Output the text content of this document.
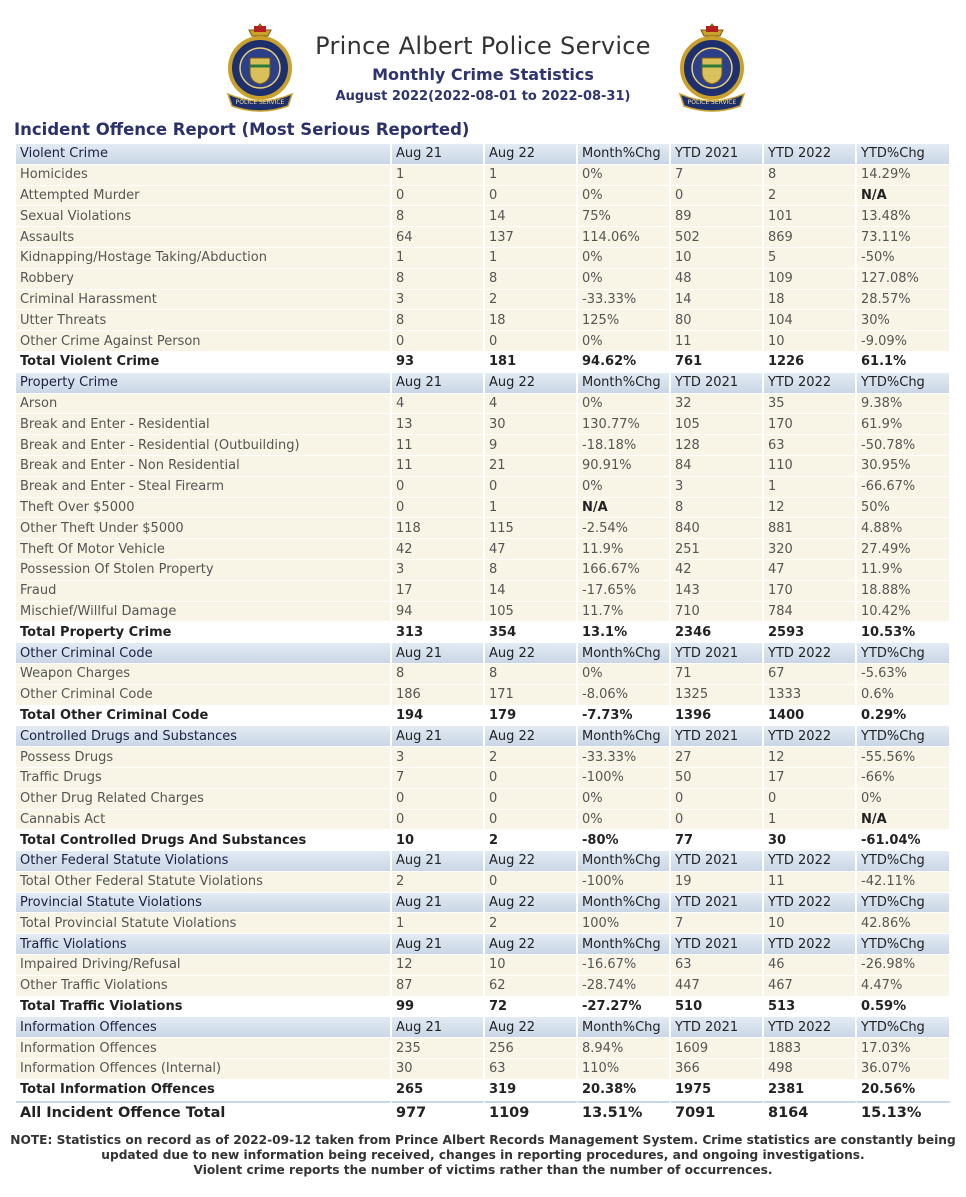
POLICE SERVICE
Prince Albert Police Service
Monthly Crime Statistics
August 2022(2022-08-01 to 2022-08-31)	POLICE SERVICE
Incident Offence Report (Most Serious Reported)
Violent Crime	Aug 21	Aug 22	Month%Chg	YTD 2021	YTD 2022	YTD%Chg
Homicides	1	1	0%	7	8	14.29%
Attempted Murder	0	0	0%	0	2	N/A
Sexual Violations	8	14	75%	89	101	13.48%
Assaults	64	137	114.06%	502	869	73.11%
Kidnapping/Hostage Taking/Abduction	1	1	0%	10	5	-50%
Robbery	8	8	0%	48	109	127.08%
Criminal Harassment	3	2	-33.33%	14	18	28.57%
Utter Threats	8	18	125%	80	104	30%
Other Crime Against Person	0	0	0%	11	10	-9.09%
Total Violent Crime	93	181	94.62%	761	1226	61.1%
Property Crime	Aug 21	Aug 22	Month%Chg	YTD 2021	YTD 2022	YTD%Chg
Arson	4	4	0%	32	35	9.38%
Break and Enter - Residential	13	30	130.77%	105	170	61.9%
Break and Enter - Residential (Outbuilding)	11	9	-18.18%	128	63	-50.78%
Break and Enter - Non Residential	11	21	90.91%	84	110	30.95%
Break and Enter - Steal Firearm	0	0	0%	3	1	-66.67%
Theft Over $5000	0	1	N/A	8	12	50%
Other Theft Under $5000	118	115	-2.54%	840	881	4.88%
Theft Of Motor Vehicle	42	47	11.9%	251	320	27.49%
Possession Of Stolen Property	3	8	166.67%	42	47	11.9%
Fraud	17	14	-17.65%	143	170	18.88%
Mischief/Willful Damage	94	105	11.7%	710	784	10.42%
Total Property Crime	313	354	13.1%	2346	2593	10.53%
Other Criminal Code	Aug 21	Aug 22	Month%Chg	YTD 2021	YTD 2022	YTD%Chg
Weapon Charges	8	8	0%	71	67	-5.63%
Other Criminal Code	186	171	-8.06%	1325	1333	0.6%
Total Other Criminal Code	194	179	-7.73%	1396	1400	0.29%
Controlled Drugs and Substances	Aug 21	Aug 22	Month%Chg	YTD 2021	YTD 2022	YTD%Chg
Possess Drugs	3	2	-33.33%	27	12	-55.56%
Traffic Drugs	7	0	-100%	50	17	-66%
Other Drug Related Charges	0	0	0%	0	0	0%
Cannabis Act	0	0	0%	0	1	N/A
Total Controlled Drugs And Substances	10	2	-80%	77	30	-61.04%
Other Federal Statute Violations	Aug 21	Aug 22	Month%Chg	YTD 2021	YTD 2022	YTD%Chg
Total Other Federal Statute Violations	2	0	-100%	19	11	-42.11%
Provincial Statute Violations	Aug 21	Aug 22	Month%Chg	YTD 2021	YTD 2022	YTD%Chg
Total Provincial Statute Violations	1	2	100%	7	10	42.86%
Traffic Violations	Aug 21	Aug 22	Month%Chg	YTD 2021	YTD 2022	YTD%Chg
Impaired Driving/Refusal	12	10	-16.67%	63	46	-26.98%
Other Traffic Violations	87	62	-28.74%	447	467	4.47%
Total Traffic Violations	99	72	-27.27%	510	513	0.59%
Information Offences	Aug 21	Aug 22	Month%Chg	YTD 2021	YTD 2022	YTD%Chg
Information Offences	235	256	8.94%	1609	1883	17.03%
Information Offences (Internal)	30	63	110%	366	498	36.07%
Total Information Offences	265	319	20.38%	1975	2381	20.56%
All Incident Offence Total	977	1109	13.51%	7091	8164	15.13%
NOTE: Statistics on record as of 2022-09-12 taken from Prince Albert Records Management System. Crime statistics are constantly being
updated due to new information being received, changes in reporting procedures, and ongoing investigations.
Violent crime reports the number of victims rather than the number of occurrences.
